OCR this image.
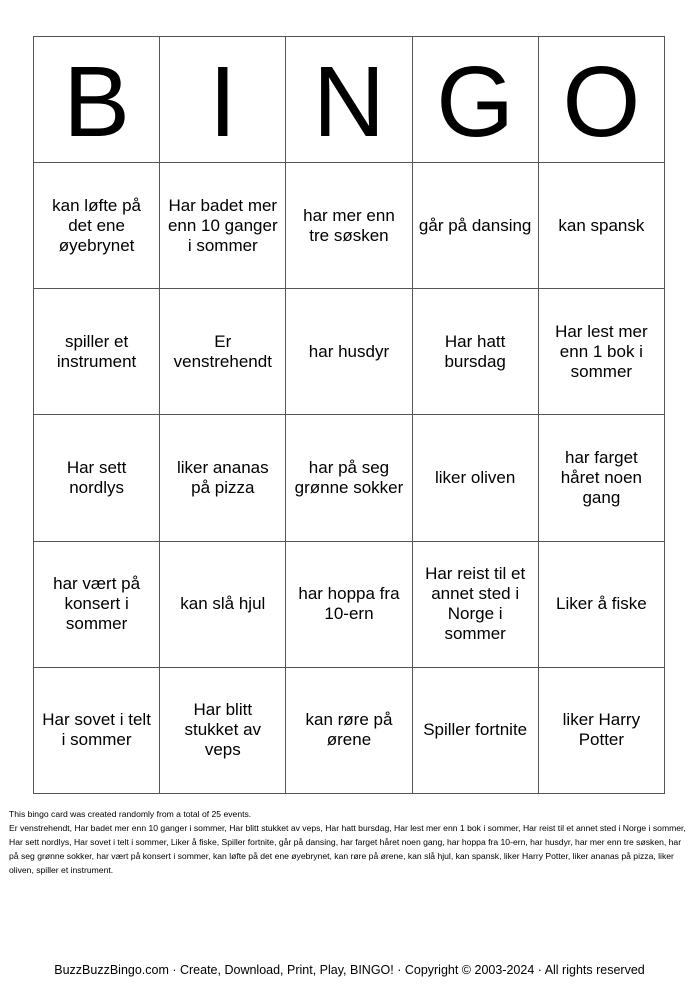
B	I	N	G	O
kan løfte på det ene øyebrynet	Har badet mer enn 10 ganger i sommer	har mer enn tre søsken	går på dansing	kan spansk
spiller et instrument	Er venstrehendt	har husdyr	Har hatt bursdag	Har lest mer enn 1 bok i sommer
Har sett nordlys	liker ananas på pizza	har på seg grønne sokker	liker oliven	har farget håret noen gang
har vært på konsert i sommer	kan slå hjul	har hoppa fra 10-ern	Har reist til et annet sted i Norge i sommer	Liker å fiske
Har sovet i telt i sommer	Har blitt stukket av veps	kan røre på ørene	Spiller fortnite	liker Harry Potter

This bingo card was created randomly from a total of 25 events.

Er venstrehendt, Har badet mer enn 10 ganger i sommer, Har blitt stukket av veps, Har hatt bursdag, Har lest mer enn 1 bok i sommer, Har reist til et annet sted i Norge i sommer, Har sett nordlys, Har sovet i telt i sommer, Liker å fiske, Spiller fortnite, går på dansing, har farget håret noen gang, har hoppa fra 10-ern, har husdyr, har mer enn tre søsken, har på seg grønne sokker, har vært på konsert i sommer, kan løfte på det ene øyebrynet, kan røre på ørene, kan slå hjul, kan spansk, liker Harry Potter, liker ananas på pizza, liker oliven, spiller et instrument.

BuzzBuzzBingo.com · Create, Download, Print, Play, BINGO! · Copyright © 2003-2024 · All rights reserved
